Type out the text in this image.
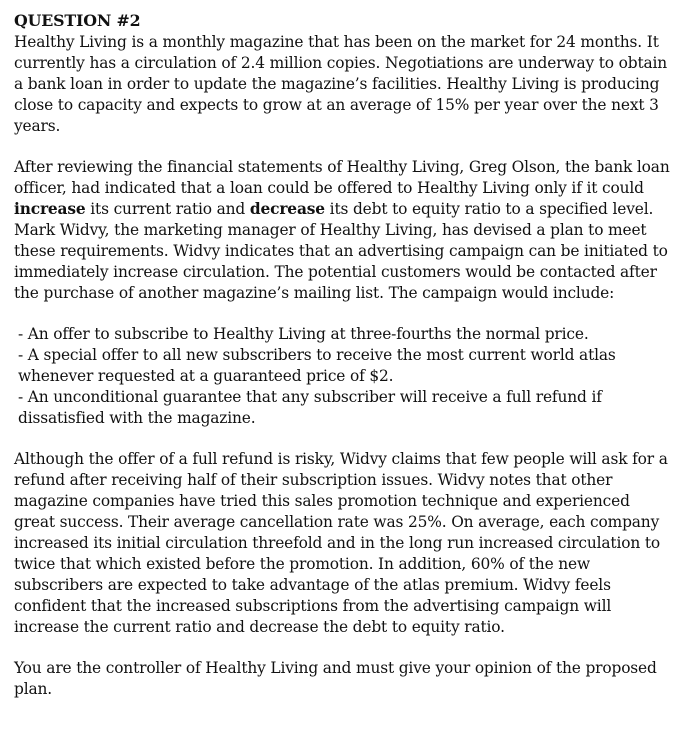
QUESTION #2

Healthy Living is a monthly magazine that has been on the market for 24 months. It currently has a circulation of 2.4 million copies. Negotiations are underway to obtain a bank loan in order to update the magazine’s facilities. Healthy Living is producing close to capacity and expects to grow at an average of 15% per year over the next 3 years.

After reviewing the financial statements of Healthy Living, Greg Olson, the bank loan officer, had indicated that a loan could be offered to Healthy Living only if it could increase its current ratio and decrease its debt to equity ratio to a specified level. Mark Widvy, the marketing manager of Healthy Living, has devised a plan to meet these requirements. Widvy indicates that an advertising campaign can be initiated to immediately increase circulation. The potential customers would be contacted after the purchase of another magazine’s mailing list. The campaign would include:

- An offer to subscribe to Healthy Living at three-fourths the normal price.

- A special offer to all new subscribers to receive the most current world atlas whenever requested at a guaranteed price of $2.

- An unconditional guarantee that any subscriber will receive a full refund if dissatisfied with the magazine.

Although the offer of a full refund is risky, Widvy claims that few people will ask for a refund after receiving half of their subscription issues. Widvy notes that other magazine companies have tried this sales promotion technique and experienced great success. Their average cancellation rate was 25%. On average, each company increased its initial circulation threefold and in the long run increased circulation to twice that which existed before the promotion. In addition, 60% of the new subscribers are expected to take advantage of the atlas premium. Widvy feels confident that the increased subscriptions from the advertising campaign will increase the current ratio and decrease the debt to equity ratio.

You are the controller of Healthy Living and must give your opinion of the proposed plan.
